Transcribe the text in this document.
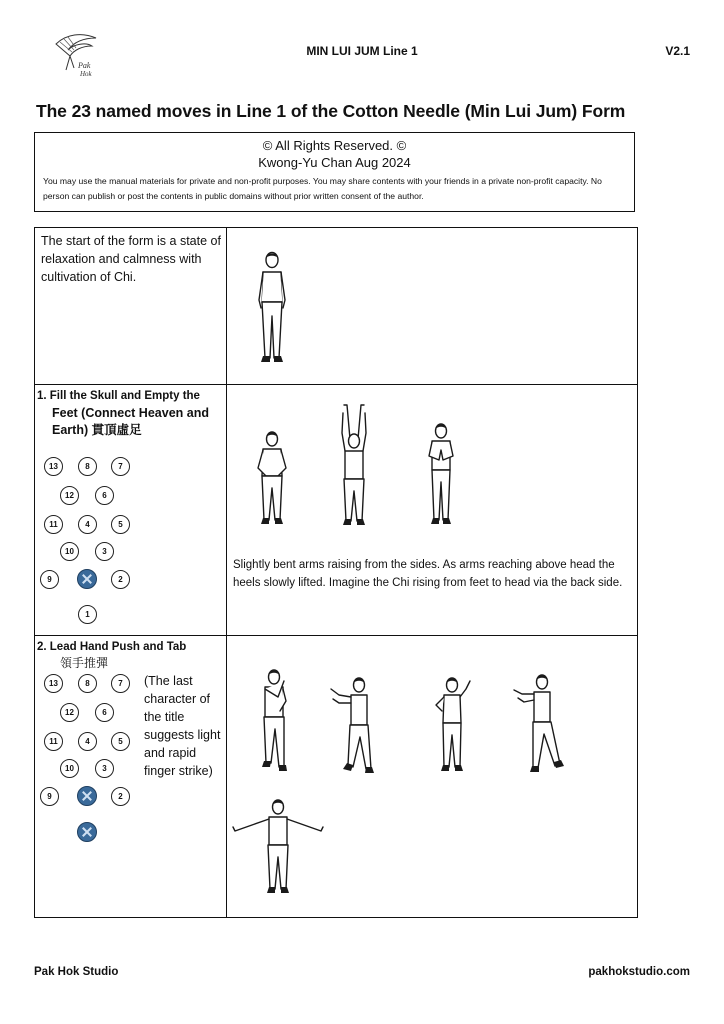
Pak
Hok
MIN LUI JUM Line 1	V2.1
The 23 named moves in Line 1 of the Cotton Needle (Min Lui Jum) Form
© All Rights Reserved. ©
Kwong-Yu Chan Aug 2024
You may use the manual materials for private and non-profit purposes. You may share contents with your friends in a private non-profit capacity. No person can publish or post the contents in public domains without prior written consent of the author.
The start of the form is a state of relaxation and calmness with cultivation of Chi.
1. Fill the Skull and Empty the
Feet (Connect Heaven and
Earth) 貫頂虛足
13	8	7
12	6
11	4	5
10	3
9	2
1
Slightly bent arms raising from the sides. As arms reaching above head the heels slowly lifted. Imagine the Chi rising from feet to head via the back side.
2. Lead Hand Push and Tab
領手推彈
13	8	7
12	6
11	4	5
10	3
9	2
(The last character of the title suggests light and rapid finger strike)
Pak Hok Studio	pakhokstudio.com
